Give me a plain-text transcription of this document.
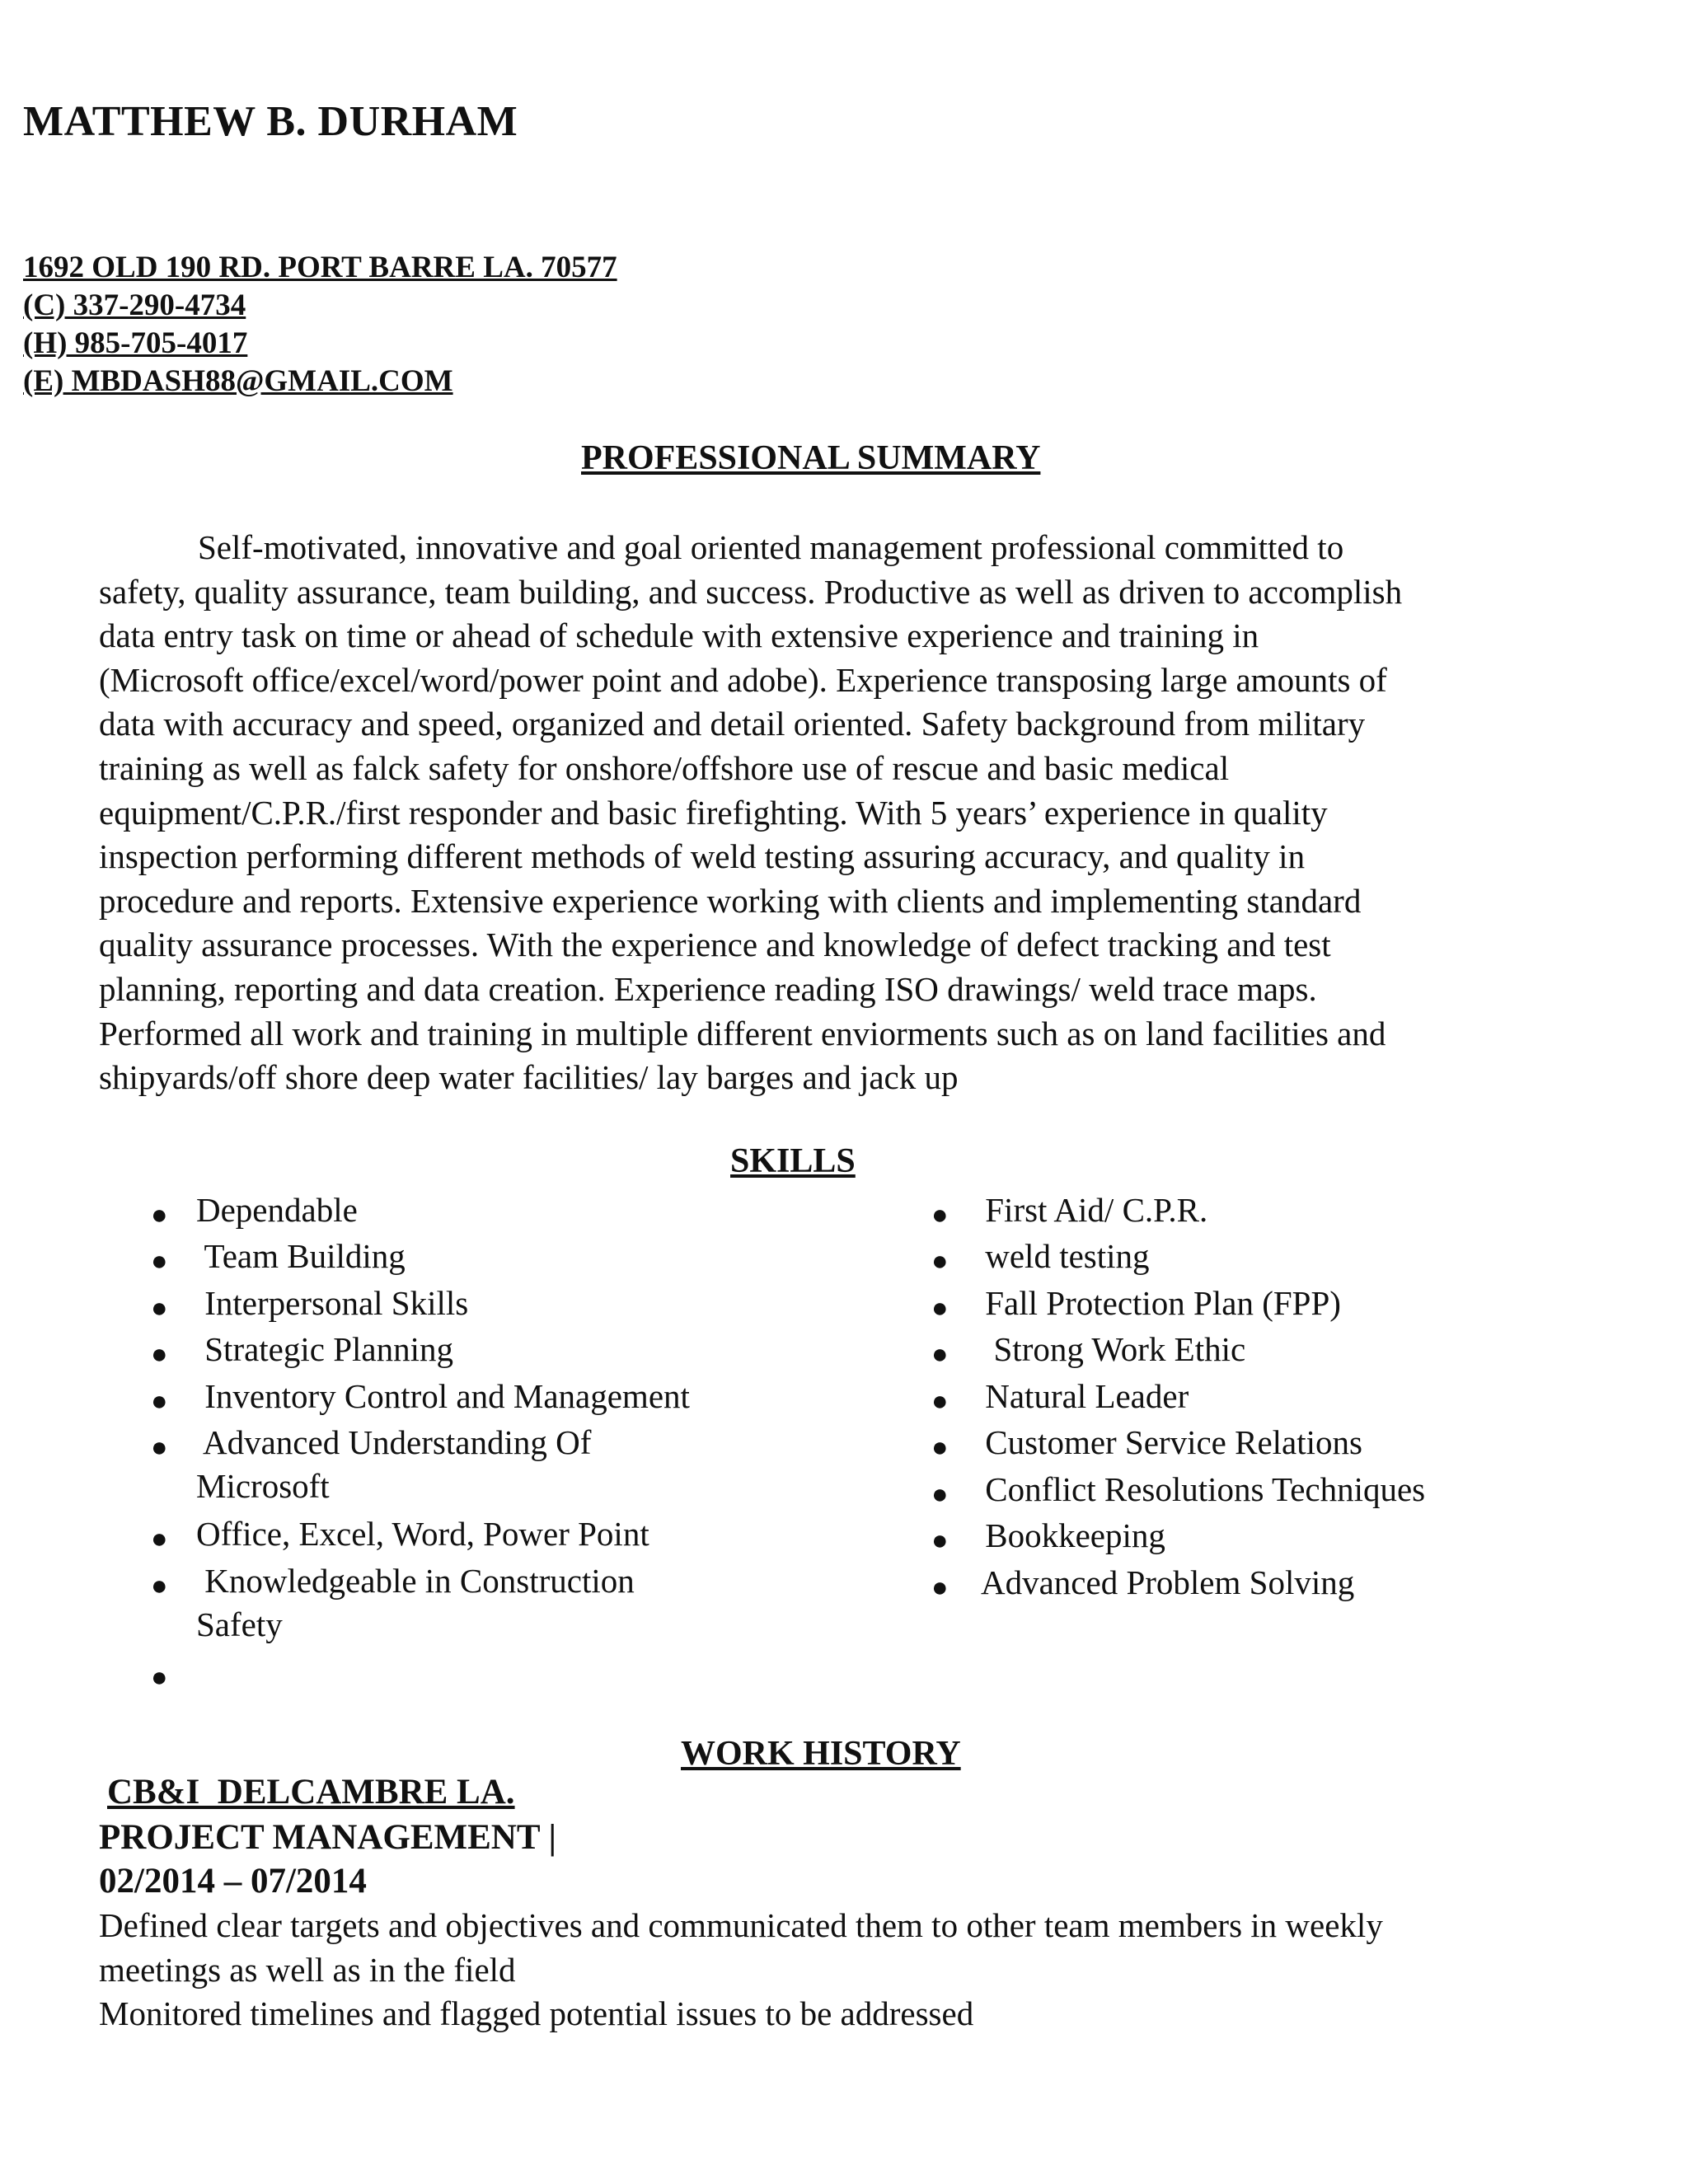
MATTHEW B. DURHAM
1692 OLD 190 RD. PORT BARRE LA. 70577
(C) 337-290-4734
(H) 985-705-4017
(E) MBDASH88@GMAIL.COM
PROFESSIONAL SUMMARY
Self-motivated, innovative and goal oriented management professional committed to
safety, quality assurance, team building, and success. Productive as well as driven to accomplish
data entry task on time or ahead of schedule with extensive experience and training in
(Microsoft office/excel/word/power point and adobe). Experience transposing large amounts of
data with accuracy and speed, organized and detail oriented. Safety background from military
training as well as falck safety for onshore/offshore use of rescue and basic medical
equipment/C.P.R./first responder and basic firefighting. With 5 years’ experience in quality
inspection performing different methods of weld testing assuring accuracy, and quality in
procedure and reports. Extensive experience working with clients and implementing standard
quality assurance processes. With the experience and knowledge of defect tracking and test
planning, reporting and data creation. Experience reading ISO drawings/ weld trace maps.
Performed all work and training in multiple different enviorments such as on land facilities and
shipyards/off shore deep water facilities/ lay barges and jack up
SKILLS
● Dependable
● Team Building
● Interpersonal Skills
● Strategic Planning
● Inventory Control and Management
● Advanced Understanding Of
Microsoft
● Office, Excel, Word, Power Point
● Knowledgeable in Construction
Safety
●
● First Aid/ C.P.R.
● weld testing
● Fall Protection Plan (FPP)
● Strong Work Ethic
● Natural Leader
● Customer Service Relations
● Conflict Resolutions Techniques
● Bookkeeping
● Advanced Problem Solving
WORK HISTORY
CB&I  DELCAMBRE LA.
PROJECT MANAGEMENT |
02/2014 – 07/2014
Defined clear targets and objectives and communicated them to other team members in weekly
meetings as well as in the field
Monitored timelines and flagged potential issues to be addressed
